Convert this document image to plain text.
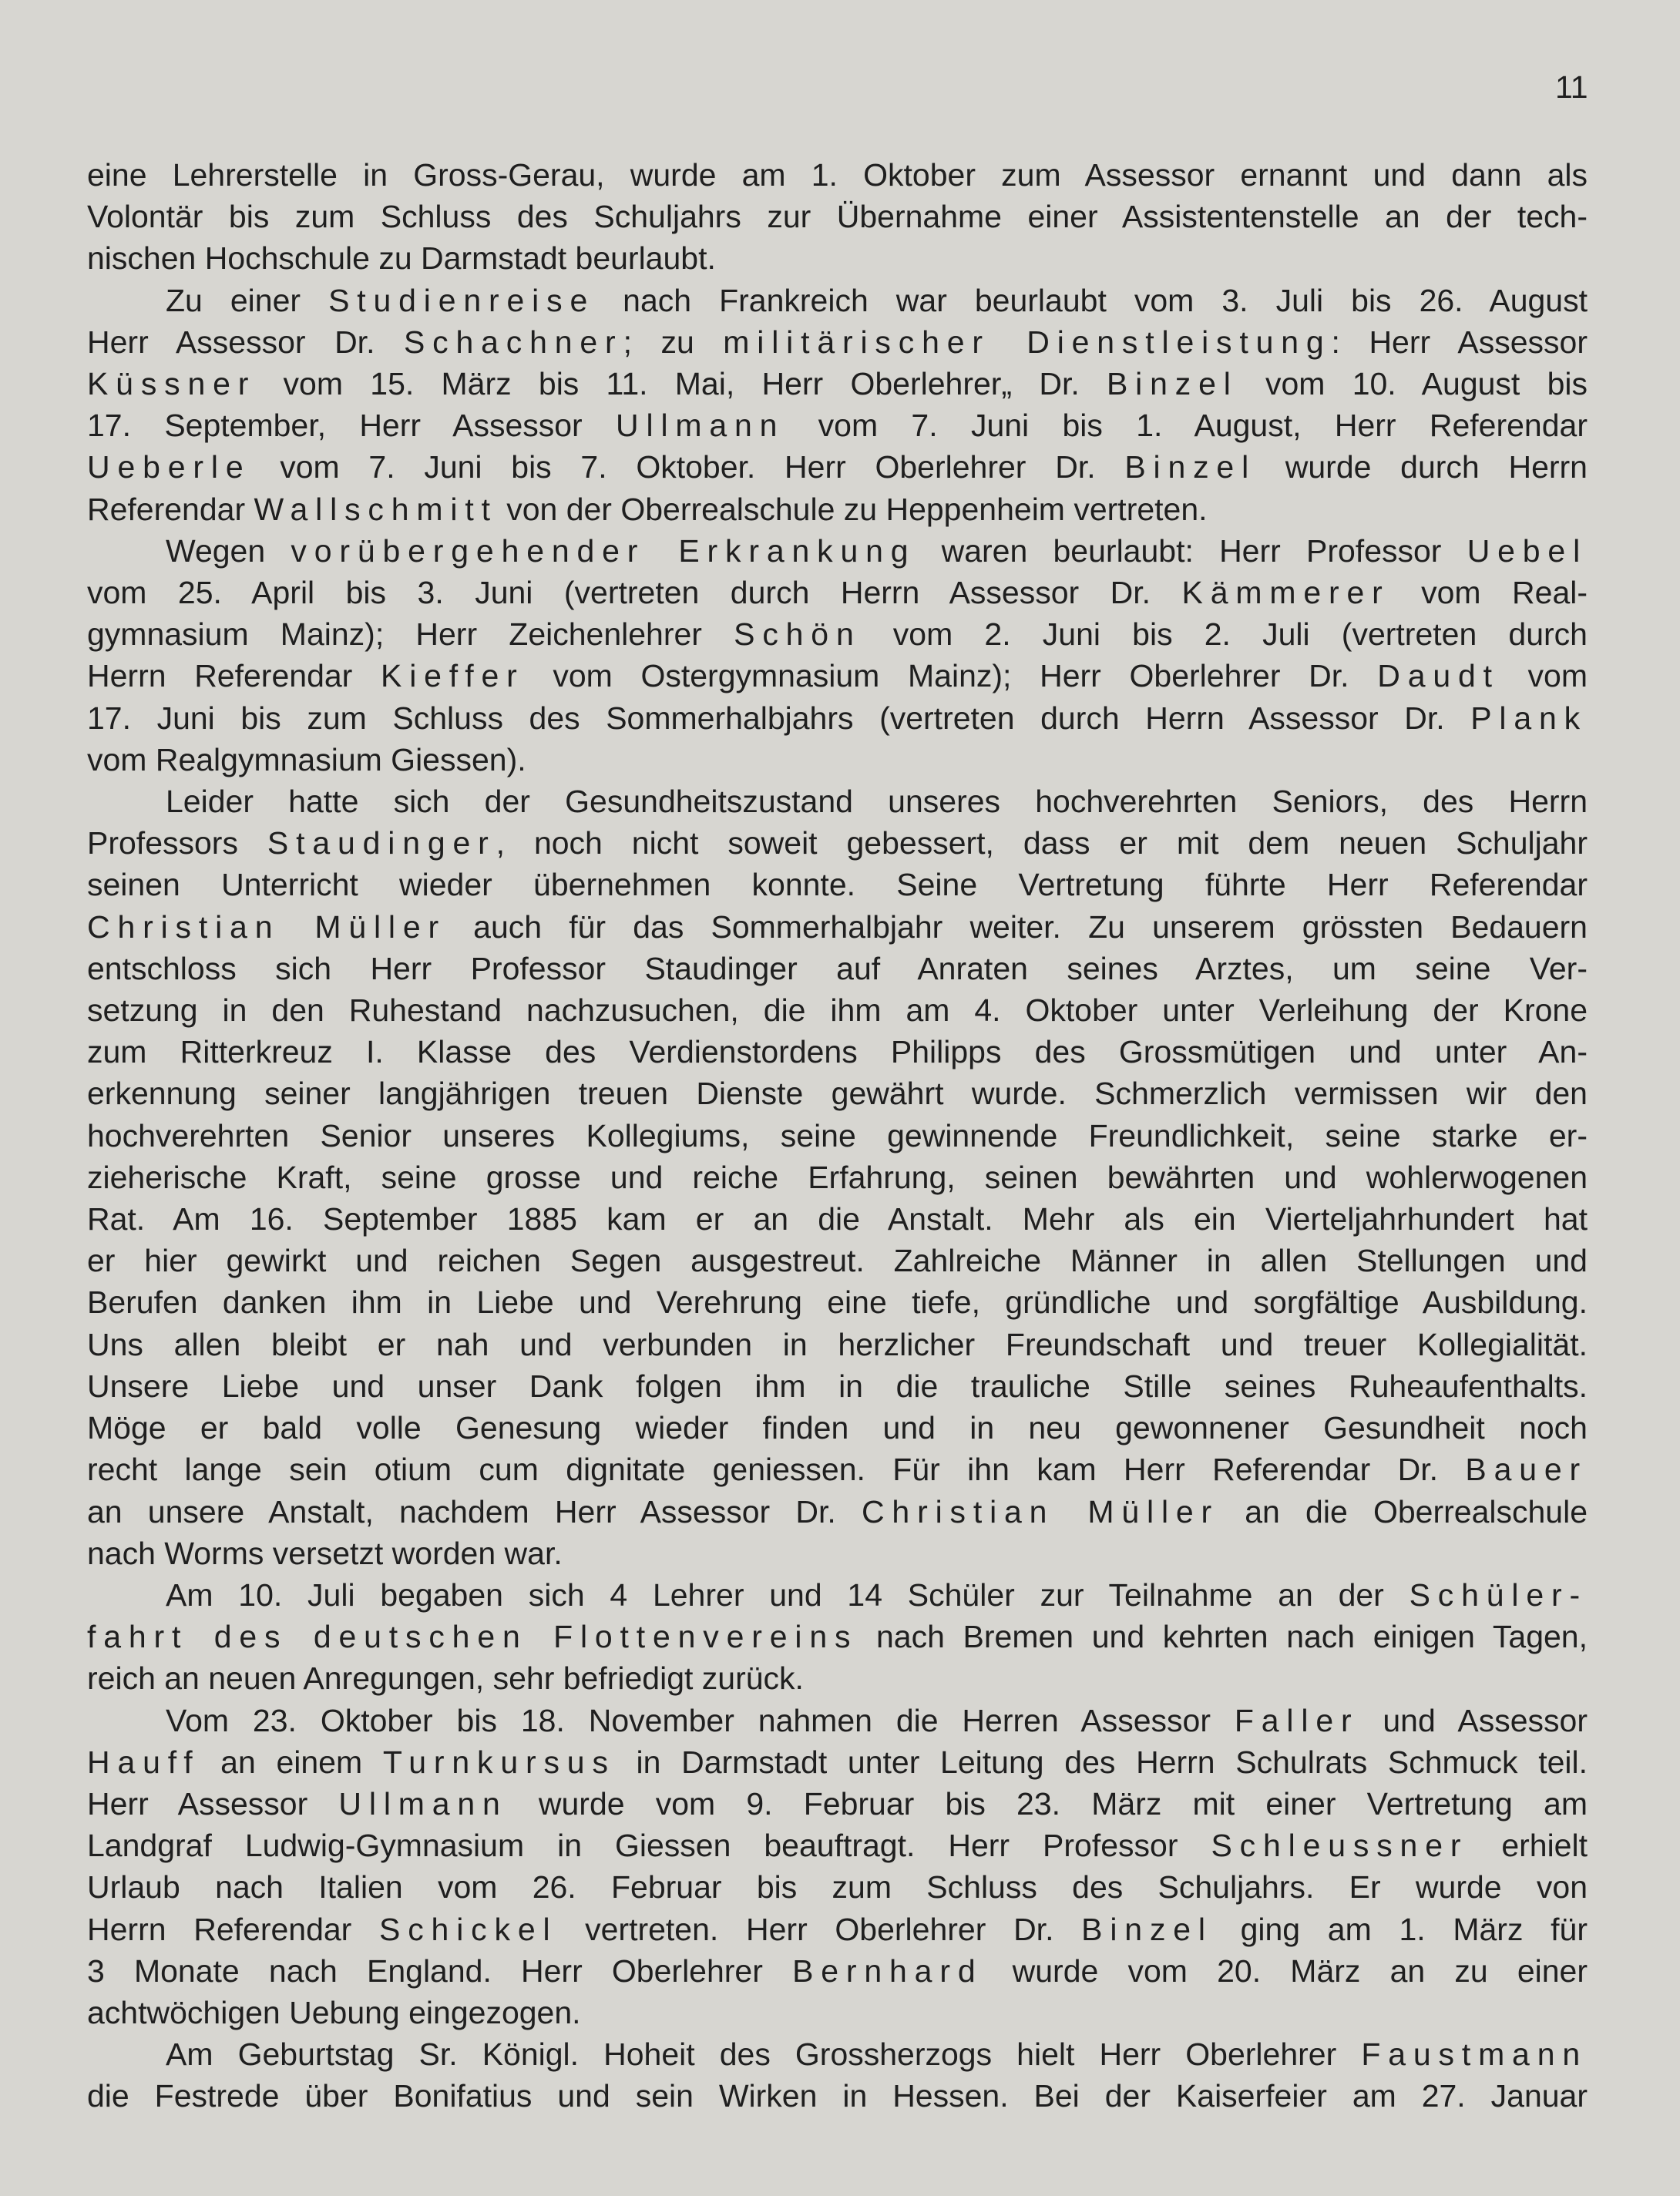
11
eine Lehrerstelle in Gross-Gerau, wurde am 1. Oktober zum Assessor ernannt und dann als
Volontär bis zum Schluss des Schuljahrs zur Übernahme einer Assistentenstelle an der tech-
nischen Hochschule zu Darmstadt beurlaubt.
Zu einer Studienreise nach Frankreich war beurlaubt vom 3. Juli bis 26. August
Herr Assessor Dr. Schachner; zu militärischer Dienstleistung: Herr Assessor
Küssner vom 15. März bis 11. Mai, Herr Oberlehrer„ Dr. Binzel vom 10. August bis
17. September, Herr Assessor Ullmann vom 7. Juni bis 1. August, Herr Referendar
Ueberle vom 7. Juni bis 7. Oktober. Herr Oberlehrer Dr. Binzel wurde durch Herrn
Referendar Wallschmitt von der Oberrealschule zu Heppenheim vertreten.
Wegen vorübergehender Erkrankung waren beurlaubt: Herr Professor Uebel
vom 25. April bis 3. Juni (vertreten durch Herrn Assessor Dr. Kämmerer vom Real-
gymnasium Mainz); Herr Zeichenlehrer Schön vom 2. Juni bis 2. Juli (vertreten durch
Herrn Referendar Kieffer vom Ostergymnasium Mainz); Herr Oberlehrer Dr. Daudt vom
17. Juni bis zum Schluss des Sommerhalbjahrs (vertreten durch Herrn Assessor Dr. Plank
vom Realgymnasium Giessen).
Leider hatte sich der Gesundheitszustand unseres hochverehrten Seniors, des Herrn
Professors Staudinger, noch nicht soweit gebessert, dass er mit dem neuen Schuljahr
seinen Unterricht wieder übernehmen konnte. Seine Vertretung führte Herr Referendar
Christian Müller auch für das Sommerhalbjahr weiter. Zu unserem grössten Bedauern
entschloss sich Herr Professor Staudinger auf Anraten seines Arztes, um seine Ver-
setzung in den Ruhestand nachzusuchen, die ihm am 4. Oktober unter Verleihung der Krone
zum Ritterkreuz I. Klasse des Verdienstordens Philipps des Grossmütigen und unter An-
erkennung seiner langjährigen treuen Dienste gewährt wurde. Schmerzlich vermissen wir den
hochverehrten Senior unseres Kollegiums, seine gewinnende Freundlichkeit, seine starke er-
zieherische Kraft, seine grosse und reiche Erfahrung, seinen bewährten und wohlerwogenen
Rat. Am 16. September 1885 kam er an die Anstalt. Mehr als ein Vierteljahrhundert hat
er hier gewirkt und reichen Segen ausgestreut. Zahlreiche Männer in allen Stellungen und
Berufen danken ihm in Liebe und Verehrung eine tiefe, gründliche und sorgfältige Ausbildung.
Uns allen bleibt er nah und verbunden in herzlicher Freundschaft und treuer Kollegialität.
Unsere Liebe und unser Dank folgen ihm in die trauliche Stille seines Ruheaufenthalts.
Möge er bald volle Genesung wieder finden und in neu gewonnener Gesundheit noch
recht lange sein otium cum dignitate geniessen. Für ihn kam Herr Referendar Dr. Bauer
an unsere Anstalt, nachdem Herr Assessor Dr. Christian Müller an die Oberrealschule
nach Worms versetzt worden war.
Am 10. Juli begaben sich 4 Lehrer und 14 Schüler zur Teilnahme an der Schüler-
fahrt des deutschen Flottenvereins nach Bremen und kehrten nach einigen Tagen,
reich an neuen Anregungen, sehr befriedigt zurück.
Vom 23. Oktober bis 18. November nahmen die Herren Assessor Faller und Assessor
Hauff an einem Turnkursus in Darmstadt unter Leitung des Herrn Schulrats Schmuck teil.
Herr Assessor Ullmann wurde vom 9. Februar bis 23. März mit einer Vertretung am
Landgraf Ludwig-Gymnasium in Giessen beauftragt. Herr Professor Schleussner erhielt
Urlaub nach Italien vom 26. Februar bis zum Schluss des Schuljahrs. Er wurde von
Herrn Referendar Schickel vertreten. Herr Oberlehrer Dr. Binzel ging am 1. März für
3 Monate nach England. Herr Oberlehrer Bernhard wurde vom 20. März an zu einer
achtwöchigen Uebung eingezogen.
Am Geburtstag Sr. Königl. Hoheit des Grossherzogs hielt Herr Oberlehrer Faustmann
die Festrede über Bonifatius und sein Wirken in Hessen. Bei der Kaiserfeier am 27. Januar
